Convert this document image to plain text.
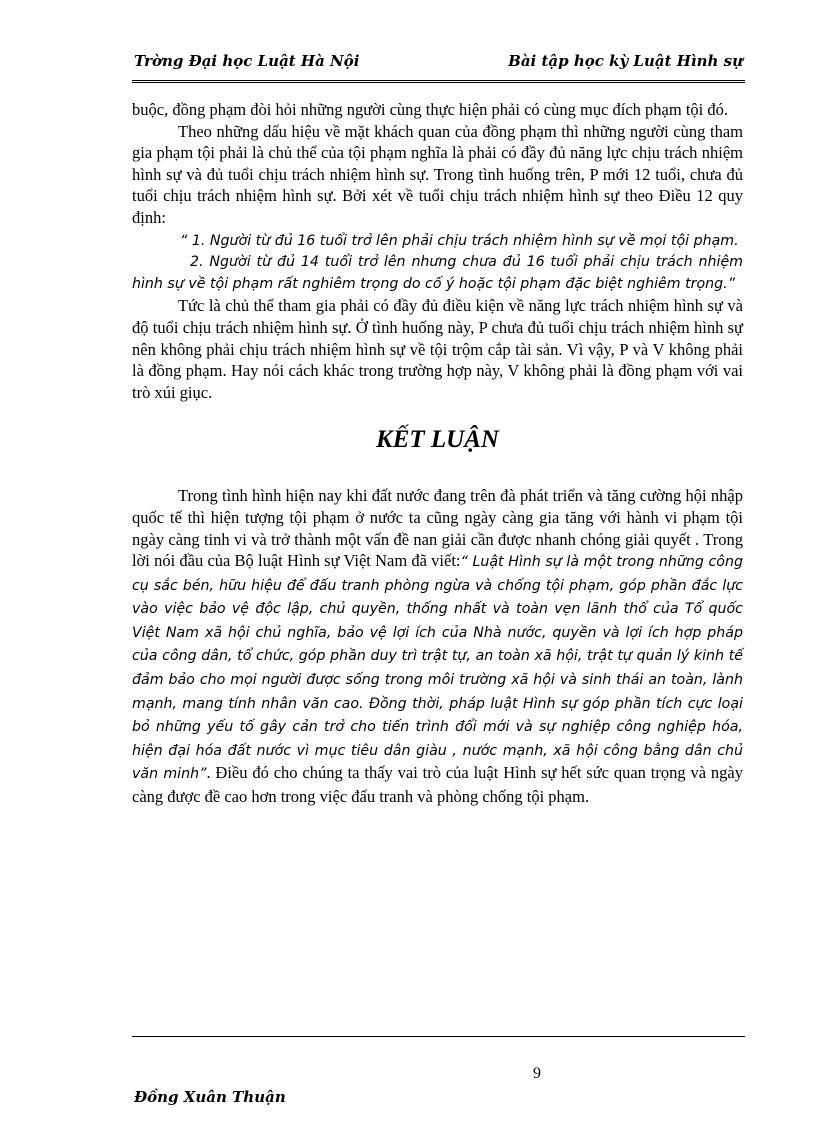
Trờng Đại học Luật Hà Nội	Bài tập học kỳ Luật Hình sự

buộc, đồng phạm đòi hỏi những người cùng thực hiện phải có cùng mục đích phạm tội đó.

Theo những dấu hiệu về mặt khách quan của đồng phạm thì những người cùng tham gia phạm tội phải là chủ thể của tội phạm nghĩa là phải có đầy đủ năng lực chịu trách nhiệm hình sự và đủ tuổi chịu trách nhiệm hình sự. Trong tình huống trên, P mới 12 tuổi, chưa đủ tuổi chịu trách nhiệm hình sự. Bởi xét về tuổi chịu trách nhiệm hình sự theo Điều 12 quy định:

“ 1. Người từ đủ 16 tuổi trở lên phải chịu trách nhiệm hình sự về mọi tội phạm.

2. Người từ đủ 14 tuổi trở lên nhưng chưa đủ 16 tuổi phải chịu trách nhiệm hình sự về tội phạm rất nghiêm trọng do cố ý hoặc tội phạm đặc biệt nghiêm trọng.”

Tức là chủ thể tham gia phải có đầy đủ điều kiện về năng lực trách nhiệm hình sự và độ tuổi chịu trách nhiệm hình sự. Ở tình huống này, P chưa đủ tuổi chịu trách nhiệm hình sự nên không phải chịu trách nhiệm hình sự về tội trộm cắp tài sản. Vì vậy, P và V không phải là đồng phạm. Hay nói cách khác trong trường hợp này, V không phải là đồng phạm với vai trò xúi giục.

KẾT LUẬN

Trong tình hình hiện nay khi đất nước đang trên đà phát triển và tăng cường hội nhập quốc tế thì hiện tượng tội phạm ở nước ta cũng ngày càng gia tăng với hành vi phạm tội ngày càng tinh vi và trở thành một vấn đề nan giải cần được nhanh chóng giải quyết . Trong lời nói đầu của Bộ luật Hình sự Việt Nam đã viết:“ Luật Hình sự là một trong những công cụ sắc bén, hữu hiệu để đấu tranh phòng ngừa và chống tội phạm, góp phần đắc lực vào việc bảo vệ độc lập, chủ quyền, thống nhất và toàn vẹn lãnh thổ của Tổ quốc Việt Nam xã hội chủ nghĩa, bảo vệ lợi ích của Nhà nước, quyền và lợi ích hợp pháp của công dân, tổ chức, góp phần duy trì trật tự, an toàn xã hội, trật tự quản lý kinh tế đảm bảo cho mọi người được sống trong môi trường xã hội và sinh thái an toàn, lành mạnh, mang tính nhân văn cao. Đồng thời, pháp luật Hình sự góp phần tích cực loại bỏ những yếu tố gây cản trở cho tiến trình đổi mới và sự nghiệp công nghiệp hóa, hiện đại hóa đất nước vì mục tiêu dân giàu , nước mạnh, xã hội công bằng dân chủ văn minh”. Điều đó cho chúng ta thấy vai trò của luật Hình sự hết sức quan trọng và ngày càng được đề cao hơn trong việc đấu tranh và phòng chống tội phạm.

9
Đồng Xuân Thuận
